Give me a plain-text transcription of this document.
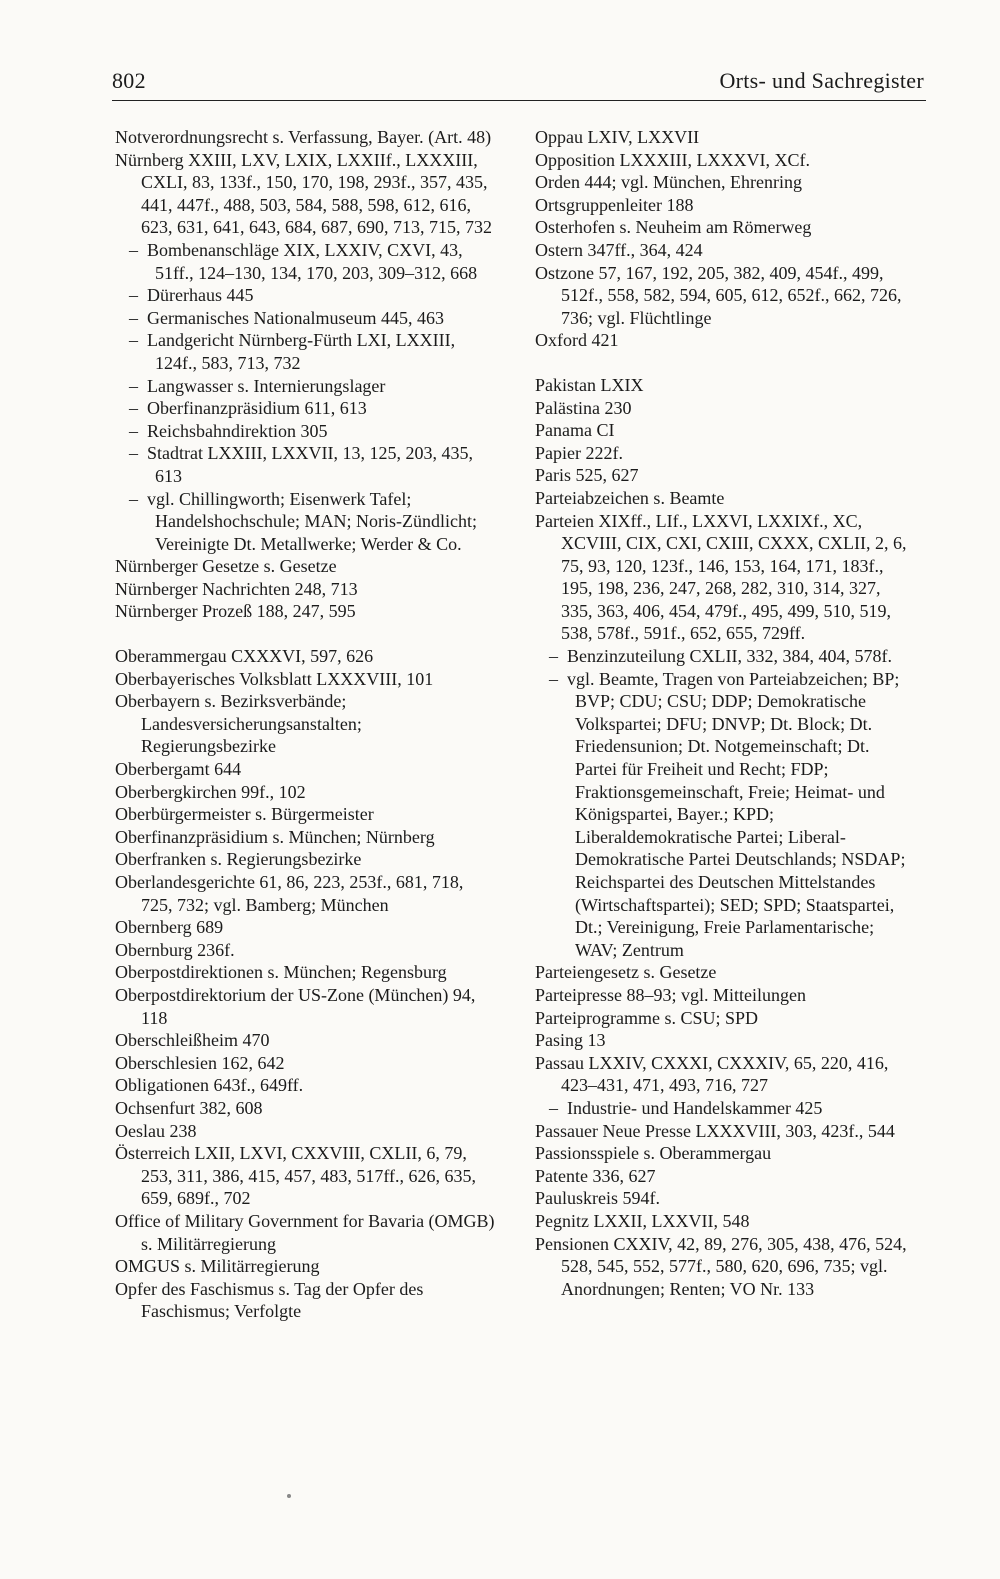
802	Orts- und Sachregister
Notverordnungsrecht s. Verfassung, Bayer. (Art. 48)
Nürnberg XXIII, LXV, LXIX, LXXIIf., LXXXIII, CXLI, 83, 133f., 150, 170, 198, 293f., 357, 435, 441, 447f., 488, 503, 584, 588, 598, 612, 616, 623, 631, 641, 643, 684, 687, 690, 713, 715, 732
–  Bombenanschläge XIX, LXXIV, CXVI, 43, 51ff., 124–130, 134, 170, 203, 309–312, 668
–  Dürerhaus 445
–  Germanisches Nationalmuseum 445, 463
–  Landgericht Nürnberg-Fürth LXI, LXXIII, 124f., 583, 713, 732
–  Langwasser s. Internierungslager
–  Oberfinanzpräsidium 611, 613
–  Reichsbahndirektion 305
–  Stadtrat LXXIII, LXXVII, 13, 125, 203, 435, 613
–  vgl. Chillingworth; Eisenwerk Tafel; Handelshochschule; MAN; Noris-Zündlicht; Vereinigte Dt. Metallwerke; Werder & Co.
Nürnberger Gesetze s. Gesetze
Nürnberger Nachrichten 248, 713
Nürnberger Prozeß 188, 247, 595
Oberammergau CXXXVI, 597, 626
Oberbayerisches Volksblatt LXXXVIII, 101
Oberbayern s. Bezirksverbände; Landesversicherungsanstalten; Regierungsbezirke
Oberbergamt 644
Oberbergkirchen 99f., 102
Oberbürgermeister s. Bürgermeister
Oberfinanzpräsidium s. München; Nürnberg
Oberfranken s. Regierungsbezirke
Oberlandesgerichte 61, 86, 223, 253f., 681, 718, 725, 732; vgl. Bamberg; München
Obernberg 689
Obernburg 236f.
Oberpostdirektionen s. München; Regensburg
Oberpostdirektorium der US-Zone (München) 94, 118
Oberschleißheim 470
Oberschlesien 162, 642
Obligationen 643f., 649ff.
Ochsenfurt 382, 608
Oeslau 238
Österreich LXII, LXVI, CXXVIII, CXLII, 6, 79, 253, 311, 386, 415, 457, 483, 517ff., 626, 635, 659, 689f., 702
Office of Military Government for Bavaria (OMGB) s. Militärregierung
OMGUS s. Militärregierung
Opfer des Faschismus s. Tag der Opfer des Faschismus; Verfolgte
Oppau LXIV, LXXVII
Opposition LXXXIII, LXXXVI, XCf.
Orden 444; vgl. München, Ehrenring
Ortsgruppenleiter 188
Osterhofen s. Neuheim am Römerweg
Ostern 347ff., 364, 424
Ostzone 57, 167, 192, 205, 382, 409, 454f., 499, 512f., 558, 582, 594, 605, 612, 652f., 662, 726, 736; vgl. Flüchtlinge
Oxford 421
Pakistan LXIX
Palästina 230
Panama CI
Papier 222f.
Paris 525, 627
Parteiabzeichen s. Beamte
Parteien XIXff., LIf., LXXVI, LXXIXf., XC, XCVIII, CIX, CXI, CXIII, CXXX, CXLII, 2, 6, 75, 93, 120, 123f., 146, 153, 164, 171, 183f., 195, 198, 236, 247, 268, 282, 310, 314, 327, 335, 363, 406, 454, 479f., 495, 499, 510, 519, 538, 578f., 591f., 652, 655, 729ff.
–  Benzinzuteilung CXLII, 332, 384, 404, 578f.
–  vgl. Beamte, Tragen von Parteiabzeichen; BP; BVP; CDU; CSU; DDP; Demokratische Volkspartei; DFU; DNVP; Dt. Block; Dt. Friedensunion; Dt. Notgemeinschaft; Dt. Partei für Freiheit und Recht; FDP; Fraktionsgemeinschaft, Freie; Heimat- und Königspartei, Bayer.; KPD; Liberaldemokratische Partei; Liberal-Demokratische Partei Deutschlands; NSDAP; Reichspartei des Deutschen Mittelstandes (Wirtschaftspartei); SED; SPD; Staatspartei, Dt.; Vereinigung, Freie Parlamentarische; WAV; Zentrum
Parteiengesetz s. Gesetze
Parteipresse 88–93; vgl. Mitteilungen
Parteiprogramme s. CSU; SPD
Pasing 13
Passau LXXIV, CXXXI, CXXXIV, 65, 220, 416, 423–431, 471, 493, 716, 727
–  Industrie- und Handelskammer 425
Passauer Neue Presse LXXXVIII, 303, 423f., 544
Passionsspiele s. Oberammergau
Patente 336, 627
Pauluskreis 594f.
Pegnitz LXXII, LXXVII, 548
Pensionen CXXIV, 42, 89, 276, 305, 438, 476, 524, 528, 545, 552, 577f., 580, 620, 696, 735; vgl. Anordnungen; Renten; VO Nr. 133
